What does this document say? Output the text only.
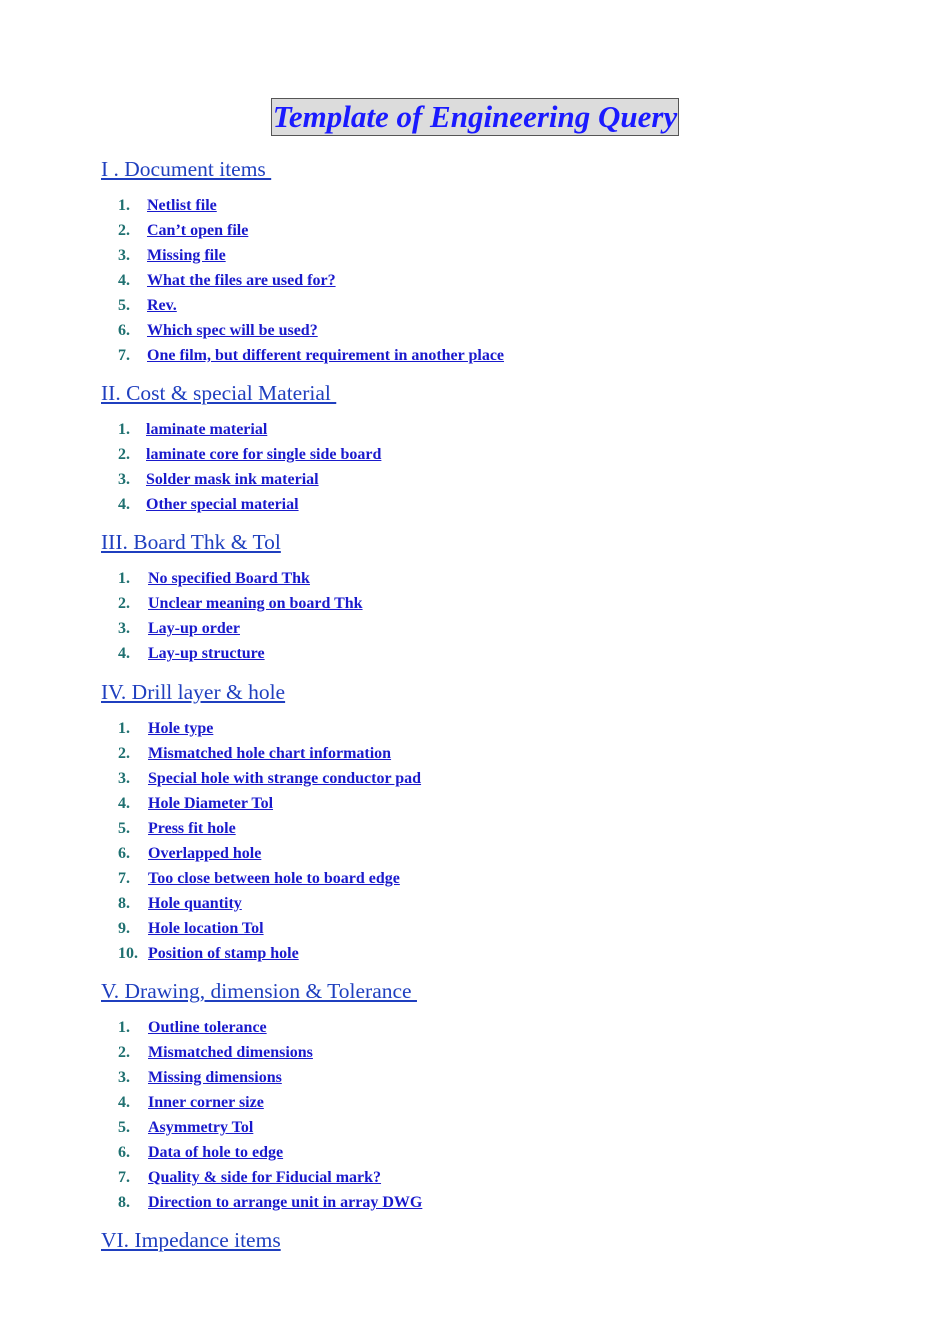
Template of Engineering Query
I . Document items
1. Netlist file
2. Can’t open file
3. Missing file
4. What the files are used for?
5. Rev.
6. Which spec will be used?
7. One film, but different requirement in another place
II. Cost & special Material
1. laminate material
2. laminate core for single side board
3. Solder mask ink material
4. Other special material
III. Board Thk & Tol
1. No specified Board Thk
2. Unclear meaning on board Thk
3. Lay-up order
4. Lay-up structure
IV. Drill layer & hole
1. Hole type
2. Mismatched hole chart information
3. Special hole with strange conductor pad
4. Hole Diameter Tol
5. Press fit hole
6. Overlapped hole
7. Too close between hole to board edge
8. Hole quantity
9. Hole location Tol
10. Position of stamp hole
V. Drawing, dimension & Tolerance
1. Outline tolerance
2. Mismatched dimensions
3. Missing dimensions
4. Inner corner size
5. Asymmetry Tol
6. Data of hole to edge
7. Quality & side for Fiducial mark?
8. Direction to arrange unit in array DWG
VI. Impedance items
